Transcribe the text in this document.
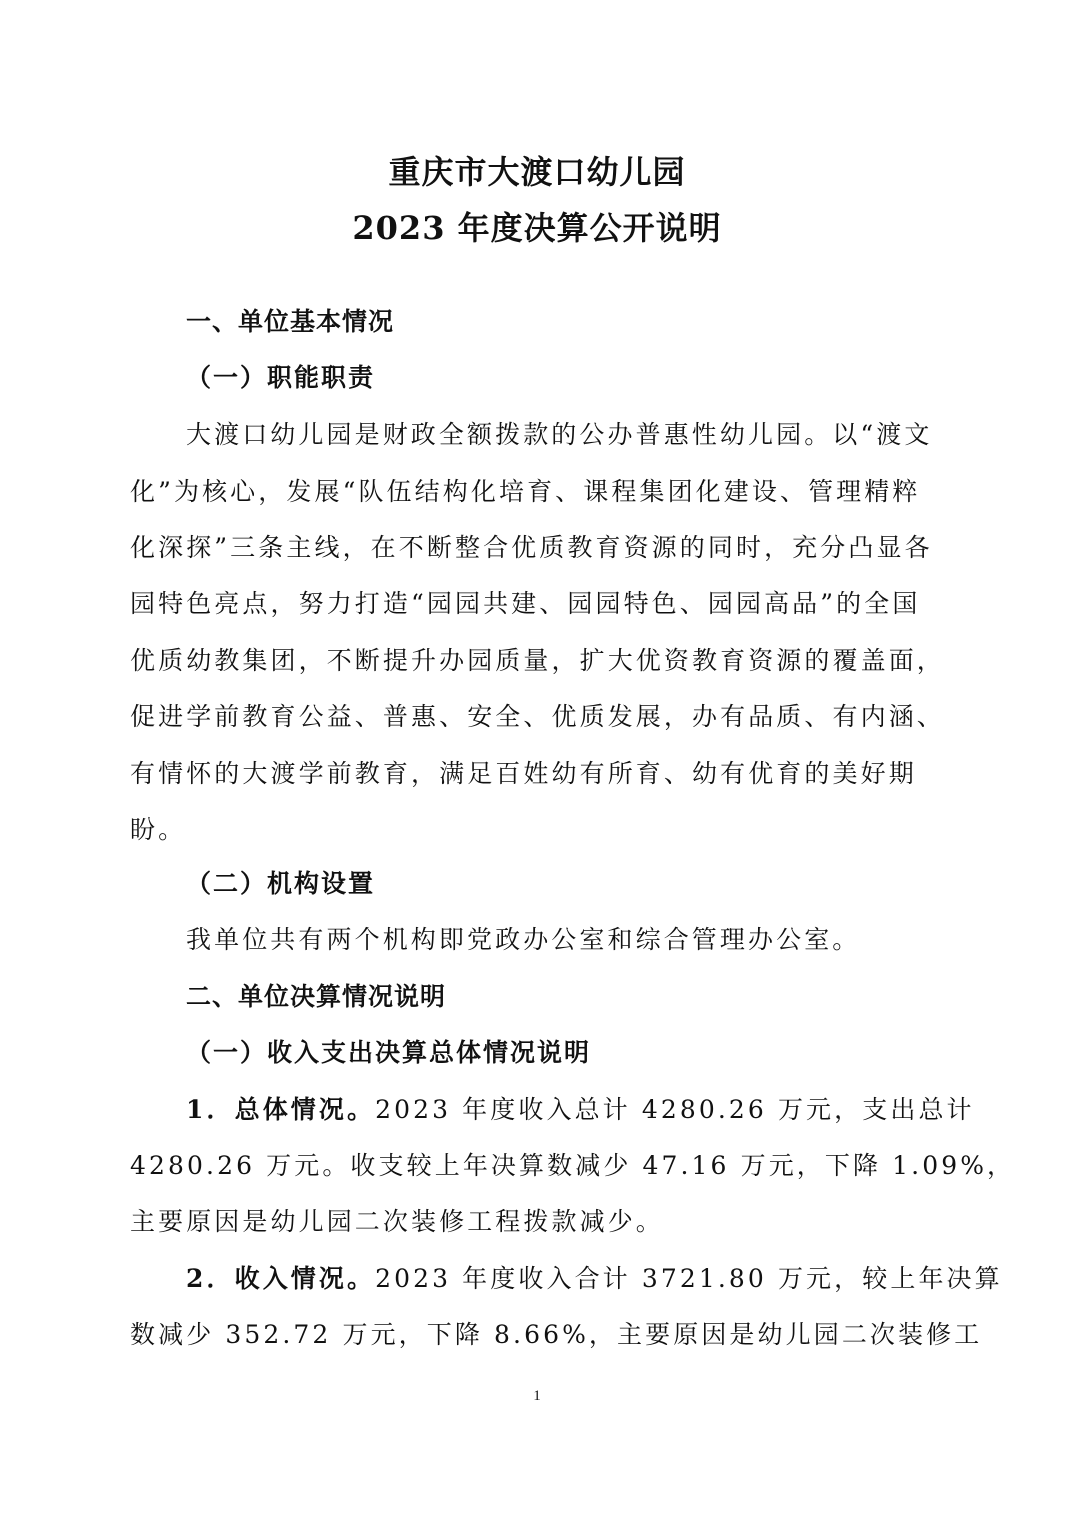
重庆市大渡口幼儿园
2023 年度决算公开说明
一、单位基本情况
（一）职能职责
大渡口幼儿园是财政全额拨款的公办普惠性幼儿园。以“渡文
化”为核心，发展“队伍结构化培育、课程集团化建设、管理精粹
化深探”三条主线，在不断整合优质教育资源的同时，充分凸显各
园特色亮点，努力打造“园园共建、园园特色、园园高品”的全国
优质幼教集团，不断提升办园质量，扩大优资教育资源的覆盖面，
促进学前教育公益、普惠、安全、优质发展，办有品质、有内涵、
有情怀的大渡学前教育，满足百姓幼有所育、幼有优育的美好期
盼。
（二）机构设置
我单位共有两个机构即党政办公室和综合管理办公室。
二、单位决算情况说明
（一）收入支出决算总体情况说明
1．总体情况。2023 年度收入总计 4280.26 万元，支出总计
4280.26 万元。收支较上年决算数减少 47.16 万元，下降 1.09%，
主要原因是幼儿园二次装修工程拨款减少。
2．收入情况。2023 年度收入合计 3721.80 万元，较上年决算
数减少 352.72 万元，下降 8.66%，主要原因是幼儿园二次装修工
1
